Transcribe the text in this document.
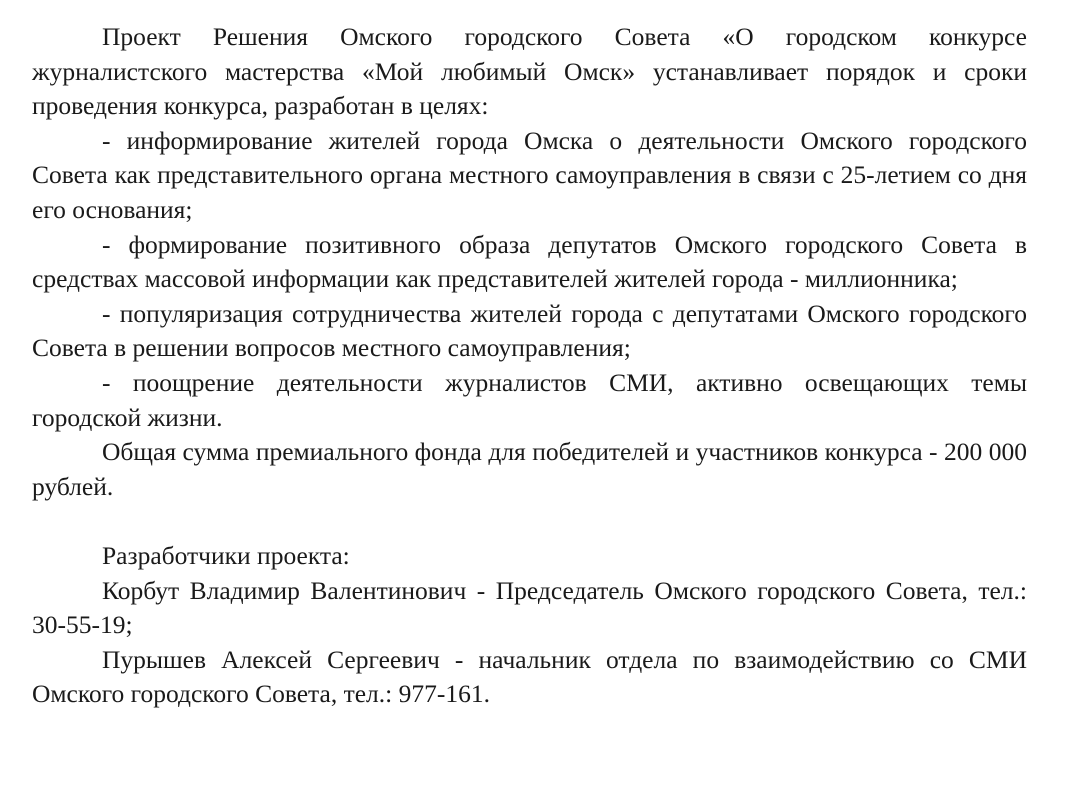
Проект Решения Омского городского Совета «О городском конкурсе журналистского мастерства «Мой любимый Омск» устанавливает порядок и сроки проведения конкурса, разработан в целях:

- информирование жителей города Омска о деятельности Омского городского Совета как представительного органа местного самоуправления в связи с 25-летием со дня его основания;

- формирование позитивного образа депутатов Омского городского Совета в средствах массовой информации как представителей жителей города - миллионника;

- популяризация сотрудничества жителей города с депутатами Омского городского Совета в решении вопросов местного самоуправления;

- поощрение деятельности журналистов СМИ, активно освещающих темы городской жизни.

Общая сумма премиального фонда для победителей и участников конкурса - 200 000 рублей.

Разработчики проекта:

Корбут Владимир Валентинович - Председатель Омского городского Совета, тел.: 30-55-19;

Пурышев Алексей Сергеевич - начальник отдела по взаимодействию со СМИ Омского городского Совета, тел.: 977-161.
